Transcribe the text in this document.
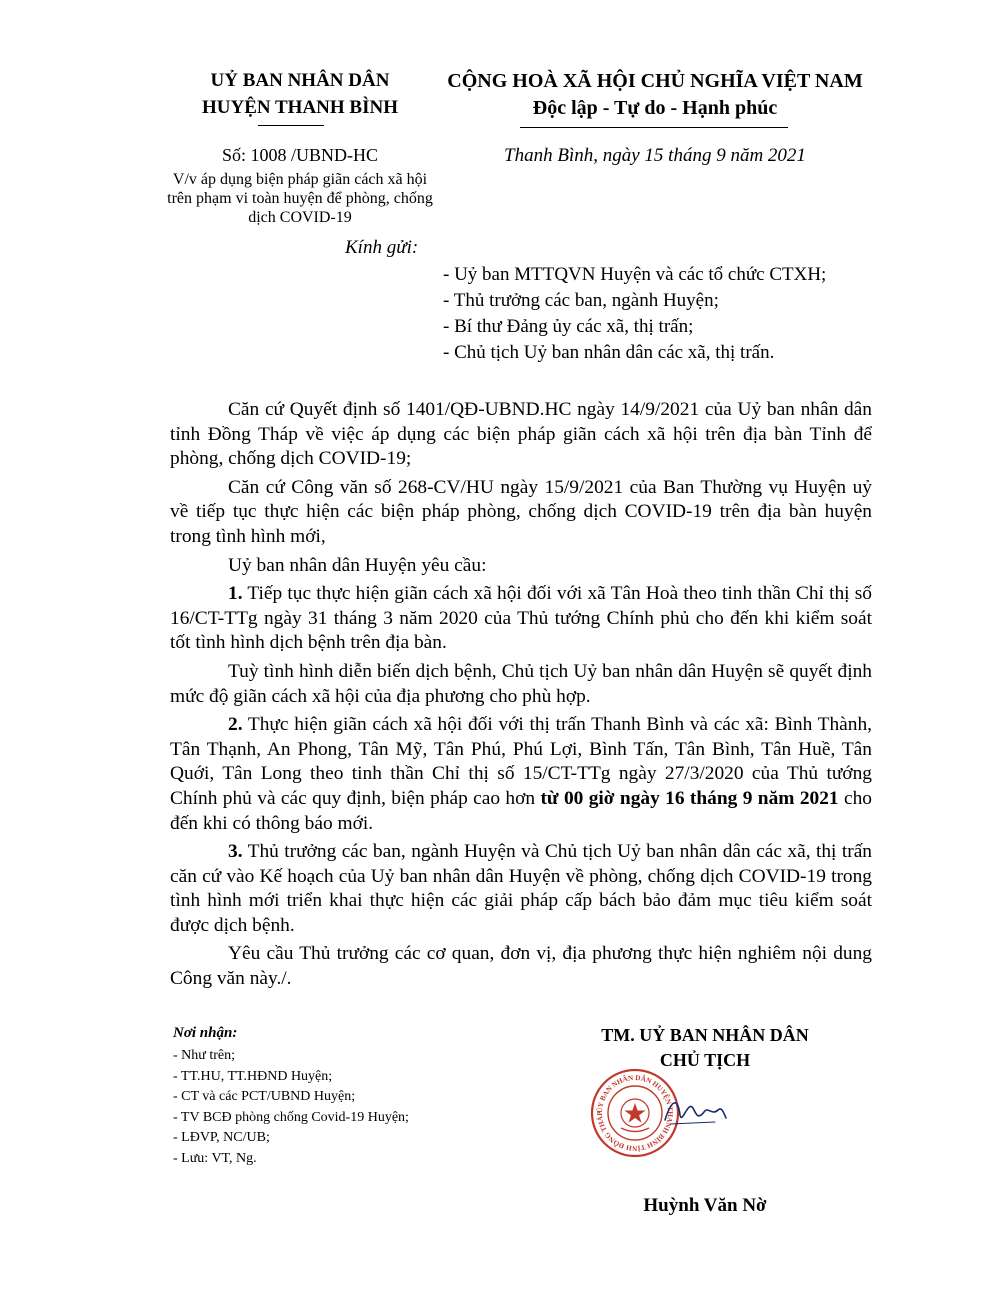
UỶ BAN NHÂN DÂN
HUYỆN THANH BÌNH
CỘNG HOÀ XÃ HỘI CHỦ NGHĨA VIỆT NAM
Độc lập - Tự do - Hạnh phúc
Số: 1008 /UBND-HC	Thanh Bình, ngày 15 tháng 9 năm 2021
V/v áp dụng biện pháp giãn cách xã hội trên phạm vi toàn huyện để phòng, chống dịch COVID-19
Kính gửi:
- Uỷ ban MTTQVN Huyện và các tổ chức CTXH;
- Thủ trưởng các ban, ngành Huyện;
- Bí thư Đảng ủy các xã, thị trấn;
- Chủ tịch Uỷ ban nhân dân các xã, thị trấn.

Căn cứ Quyết định số 1401/QĐ-UBND.HC ngày 14/9/2021 của Uỷ ban nhân dân tỉnh Đồng Tháp về việc áp dụng các biện pháp giãn cách xã hội trên địa bàn Tỉnh để phòng, chống dịch COVID-19;

Căn cứ Công văn số 268-CV/HU ngày 15/9/2021 của Ban Thường vụ Huyện uỷ về tiếp tục thực hiện các biện pháp phòng, chống dịch COVID-19 trên địa bàn huyện trong tình hình mới,

Uỷ ban nhân dân Huyện yêu cầu:

1. Tiếp tục thực hiện giãn cách xã hội đối với xã Tân Hoà theo tinh thần Chỉ thị số 16/CT-TTg ngày 31 tháng 3 năm 2020 của Thủ tướng Chính phủ cho đến khi kiểm soát tốt tình hình dịch bệnh trên địa bàn.

Tuỳ tình hình diễn biến dịch bệnh, Chủ tịch Uỷ ban nhân dân Huyện sẽ quyết định mức độ giãn cách xã hội của địa phương cho phù hợp.

2. Thực hiện giãn cách xã hội đối với thị trấn Thanh Bình và các xã: Bình Thành, Tân Thạnh, An Phong, Tân Mỹ, Tân Phú, Phú Lợi, Bình Tấn, Tân Bình, Tân Huề, Tân Quới, Tân Long theo tinh thần Chỉ thị số 15/CT-TTg ngày 27/3/2020 của Thủ tướng Chính phủ và các quy định, biện pháp cao hơn từ 00 giờ ngày 16 tháng 9 năm 2021 cho đến khi có thông báo mới.

3. Thủ trưởng các ban, ngành Huyện và Chủ tịch Uỷ ban nhân dân các xã, thị trấn căn cứ vào Kế hoạch của Uỷ ban nhân dân Huyện về phòng, chống dịch COVID-19 trong tình hình mới triển khai thực hiện các giải pháp cấp bách bảo đảm mục tiêu kiểm soát được dịch bệnh.

Yêu cầu Thủ trưởng các cơ quan, đơn vị, địa phương thực hiện nghiêm nội dung Công văn này./.

Nơi nhận:
- Như trên;
- TT.HU, TT.HĐND Huyện;
- CT và các PCT/UBND Huyện;
- TV BCĐ phòng chống Covid-19 Huyện;
- LĐVP, NC/UB;
- Lưu: VT, Ng.
TM. UỶ BAN NHÂN DÂN
CHỦ TỊCH
ỦY BAN NHÂN DÂN HUYỆN THANH BÌNH TỈNH ĐỒNG THÁP
Huỳnh Văn Nờ
